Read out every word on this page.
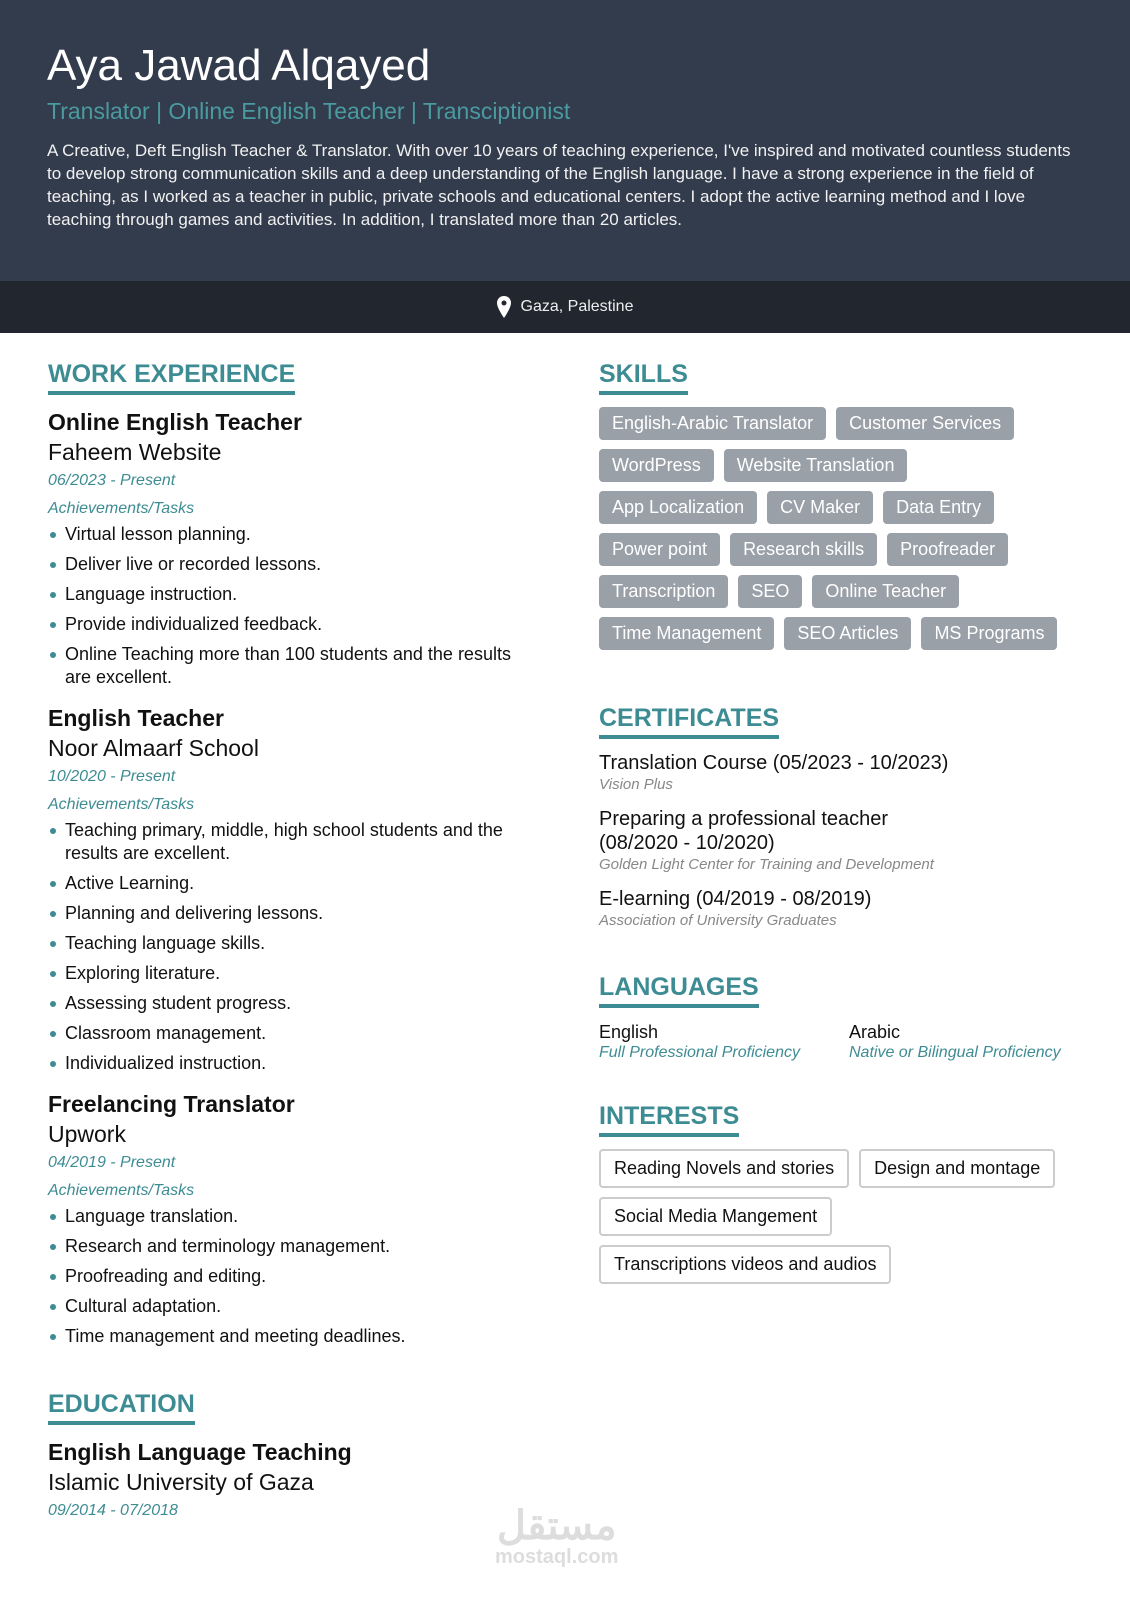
Aya Jawad Alqayed
Translator | Online English Teacher | Transciptionist
A Creative, Deft English Teacher & Translator. With over 10 years of teaching experience, I've inspired and motivated countless students to develop strong communication skills and a deep understanding of the English language. I have a strong experience in the field of teaching, as I worked as a teacher in public, private schools and educational centers. I adopt the active learning method and I love teaching through games and activities. In addition, I translated more than 20 articles.
Gaza, Palestine
WORK EXPERIENCE
Online English Teacher
Faheem Website
06/2023 - Present
Achievements/Tasks
Virtual lesson planning.
Deliver live or recorded lessons.
Language instruction.
Provide individualized feedback.
Online Teaching more than 100 students and the results are excellent.
English Teacher
Noor Almaarf School
10/2020 - Present
Achievements/Tasks
Teaching primary, middle, high school students and the results are excellent.
Active Learning.
Planning and delivering lessons.
Teaching language skills.
Exploring literature.
Assessing student progress.
Classroom management.
Individualized instruction.
Freelancing Translator
Upwork
04/2019 - Present
Achievements/Tasks
Language translation.
Research and terminology management.
Proofreading and editing.
Cultural adaptation.
Time management and meeting deadlines.
EDUCATION
English Language Teaching
Islamic University of Gaza
09/2014 - 07/2018
SKILLS
English-Arabic Translator	Customer Services
WordPress	Website Translation
App Localization	CV Maker	Data Entry
Power point	Research skills	Proofreader
Transcription	SEO	Online Teacher
Time Management	SEO Articles	MS Programs
CERTIFICATES
Translation Course (05/2023 - 10/2023)
Vision Plus
Preparing a professional teacher (08/2020 - 10/2020)
Golden Light Center for Training and Development
E-learning (04/2019 - 08/2019)
Association of University Graduates
LANGUAGES
English
Full Professional Proficiency
Arabic
Native or Bilingual Proficiency
INTERESTS
Reading Novels and stories	Design and montage
Social Media Mangement
Transcriptions videos and audios
مستقل
mostaql.com
